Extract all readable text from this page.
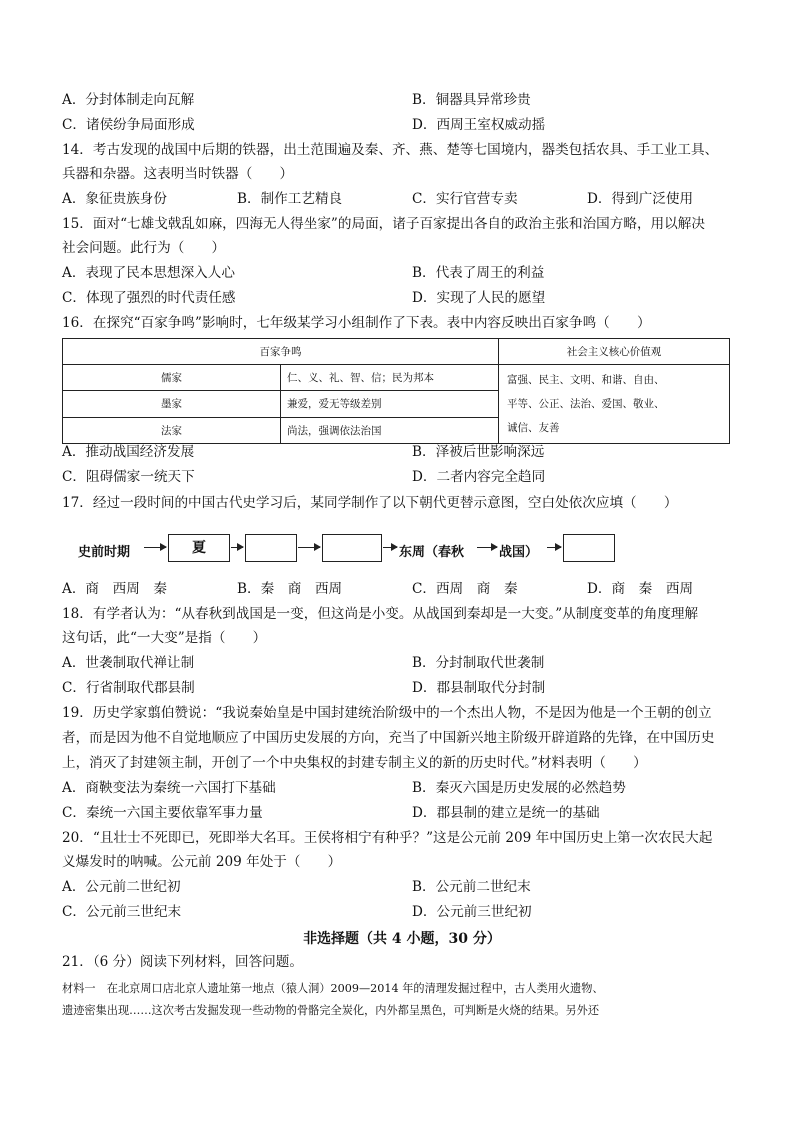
A．分封体制走向瓦解	B．铜器具异常珍贵
C．诸侯纷争局面形成	D．西周王室权威动摇
14．考古发现的战国中后期的铁器，出土范围遍及秦、齐、燕、楚等七国境内，器类包括农具、手工业工具、
兵器和杂器。这表明当时铁器（　　）
A．象征贵族身份	B．制作工艺精良	C．实行官营专卖	D．得到广泛使用
15．面对“七雄戈戟乱如麻，四海无人得坐家”的局面，诸子百家提出各自的政治主张和治国方略，用以解决
社会问题。此行为（　　）
A．表现了民本思想深入人心	B．代表了周王的利益
C．体现了强烈的时代责任感	D．实现了人民的愿望
16．在探究“百家争鸣”影响时，七年级某学习小组制作了下表。表中内容反映出百家争鸣（　　）
百家争鸣		社会主义核心价值观
儒家	仁、义、礼、智、信；民为邦本	富强、民主、文明、和谐、自由、
平等、公正、法治、爱国、敬业、
诚信、友善

墨家	兼爱，爱无等级差别	
法家	尚法，强调依法治国	
A．推动战国经济发展	B．泽被后世影响深远
C．阻碍儒家一统天下	D．二者内容完全趋同
17．经过一段时间的中国古代史学习后，某同学制作了以下朝代更替示意图，空白处依次应填（　　）
史前时期	夏	东周（春秋	战国）
A．商　西周　秦	B．秦　商　西周	C．西周　商　秦	D．商　秦　西周
18．有学者认为：“从春秋到战国是一变，但这尚是小变。从战国到秦却是一大变。”从制度变革的角度理解
这句话，此“一大变”是指（　　）
A．世袭制取代禅让制	B．分封制取代世袭制
C．行省制取代郡县制	D．郡县制取代分封制
19．历史学家翦伯赞说：“我说秦始皇是中国封建统治阶级中的一个杰出人物，不是因为他是一个王朝的创立
者，而是因为他不自觉地顺应了中国历史发展的方向，充当了中国新兴地主阶级开辟道路的先锋，在中国历史
上，消灭了封建领主制，开创了一个中央集权的封建专制主义的新的历史时代。”材料表明（　　）
A．商鞅变法为秦统一六国打下基础	B．秦灭六国是历史发展的必然趋势
C．秦统一六国主要依靠军事力量	D．郡县制的建立是统一的基础
20．“且壮士不死即已，死即举大名耳。王侯将相宁有种乎？”这是公元前 209 年中国历史上第一次农民大起
义爆发时的呐喊。公元前 209 年处于（　　）
A．公元前二世纪初	B．公元前二世纪末
C．公元前三世纪末	D．公元前三世纪初
非选择题（共 4 小题，30 分）
21．（6 分）阅读下列材料，回答问题。
材料一　在北京周口店北京人遗址第一地点（猿人洞）2009—2014 年的清理发掘过程中，古人类用火遗物、
遗迹密集出现……这次考古发掘发现一些动物的骨骼完全炭化，内外都呈黑色，可判断是火烧的结果。另外还
